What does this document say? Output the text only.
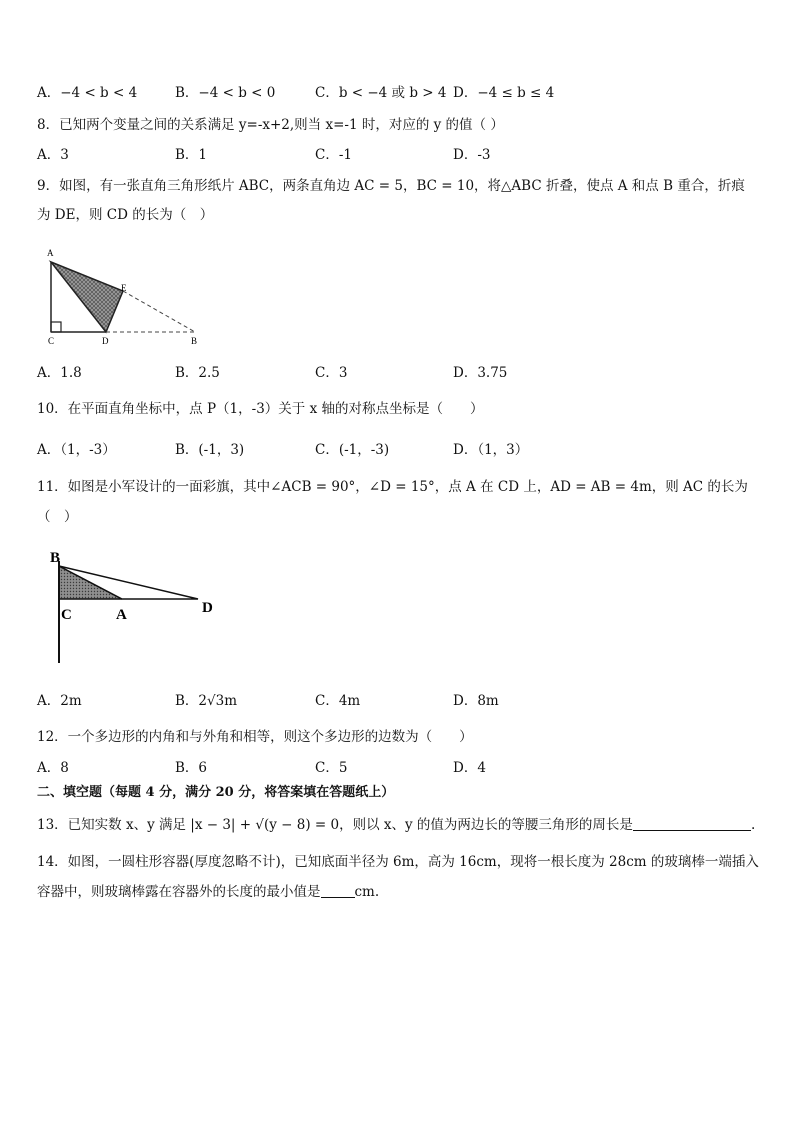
A．−4 < b < 4	B．−4 < b < 0	C．b < −4 或 b > 4 D．−4 ≤ b ≤ 4
8．已知两个变量之间的关系满足 y=-x+2,则当 x=-1 时，对应的 y 的值（ ）
A．3	B．1	C．-1	D．-3
9．如图，有一张直角三角形纸片 ABC，两条直角边 AC = 5，BC = 10，将△ABC 折叠，使点 A 和点 B 重合，折痕
为 DE，则 CD 的长为（　）
A
E
C	D	B
A．1.8	B．2.5	C．3	D．3.75
10．在平面直角坐标中，点 P（1，-3）关于 x 轴的对称点坐标是（　　）
A．（1，-3）	B．(-1，3)	C．(-1，-3)	D．（1，3）
11．如图是小军设计的一面彩旗，其中∠ACB = 90°，∠D = 15°，点 A 在 CD 上，AD = AB = 4m，则 AC 的长为
（　）
B
C	A	D
A．2m	B．2√3m	C．4m	D．8m
12．一个多边形的内角和与外角和相等，则这个多边形的边数为（　　）
A．8	B．6	C．5	D．4
二、填空题（每题 4 分，满分 20 分，将答案填在答题纸上）
13．已知实数 x、y 满足 |x − 3| + √(y − 8) = 0，则以 x、y 的值为两边长的等腰三角形的周长是	.
14．如图，一圆柱形容器(厚度忽略不计)，已知底面半径为 6m，高为 16cm，现将一根长度为 28cm 的玻璃棒一端插入
容器中，则玻璃棒露在容器外的长度的最小值是	cm.
